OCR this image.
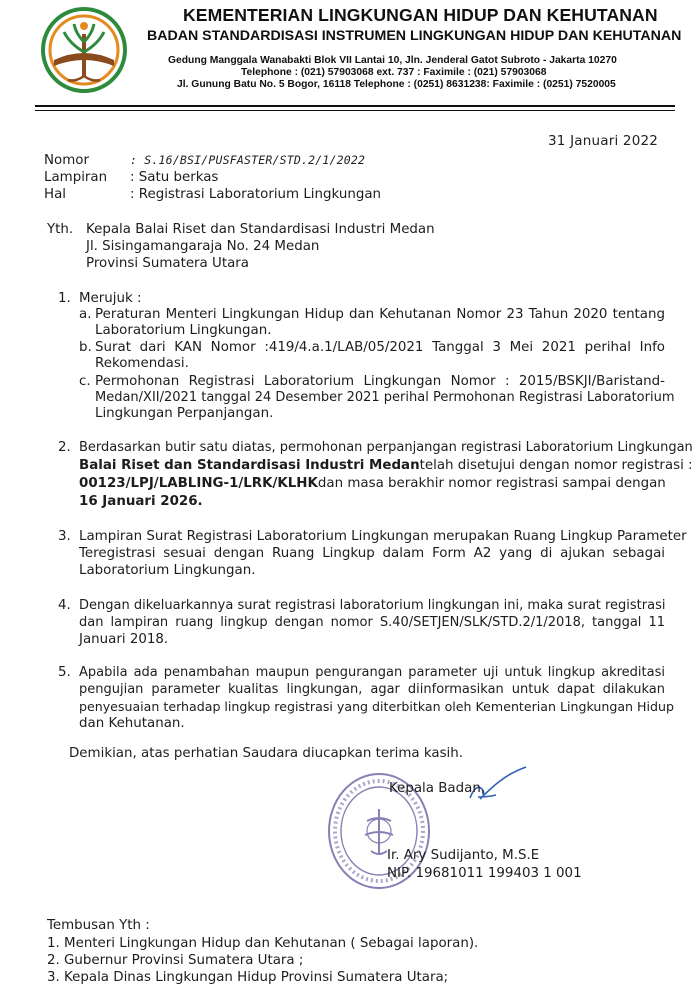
KEMENTERIAN LINGKUNGAN HIDUP DAN KEHUTANAN
BADAN STANDARDISASI INSTRUMEN LINGKUNGAN HIDUP DAN KEHUTANAN
Gedung Manggala Wanabakti Blok VII Lantai 10, Jln. Jenderal Gatot Subroto - Jakarta 10270
Telephone : (021) 57903068 ext. 737 : Faximile : (021) 57903068
Jl. Gunung Batu No. 5 Bogor, 16118 Telephone : (0251) 8631238: Faximile : (0251) 7520005
31 Januari 2022
Nomor	: S.16/BSI/PUSFASTER/STD.2/1/2022
Lampiran : Satu berkas
Hal	: Registrasi Laboratorium Lingkungan
Yth. Kepala Balai Riset dan Standardisasi Industri Medan
Jl. Sisingamangaraja No. 24 Medan
Provinsi Sumatera Utara
1. Merujuk :
a. Peraturan Menteri Lingkungan Hidup dan Kehutanan Nomor 23 Tahun 2020 tentang
Laboratorium Lingkungan.
b. Surat dari KAN Nomor :419/4.a.1/LAB/05/2021 Tanggal 3 Mei 2021 perihal Info
Rekomendasi.
c. Permohonan Registrasi Laboratorium Lingkungan Nomor : 2015/BSKJI/Baristand-
Medan/XII/2021 tanggal 24 Desember 2021 perihal Permohonan Registrasi Laboratorium
Lingkungan Perpanjangan.
2. Berdasarkan butir satu diatas, permohonan perpanjangan registrasi Laboratorium Lingkungan
Balai Riset dan Standardisasi Industri Medan telah disetujui dengan nomor registrasi :
00123/LPJ/LABLING-1/LRK/KLHK dan masa berakhir nomor registrasi sampai dengan
16 Januari 2026.
3. Lampiran Surat Registrasi Laboratorium Lingkungan merupakan Ruang Lingkup Parameter
Teregistrasi sesuai dengan Ruang Lingkup dalam Form A2 yang di ajukan sebagai
Laboratorium Lingkungan.
4. Dengan dikeluarkannya surat registrasi laboratorium lingkungan ini, maka surat registrasi
dan lampiran ruang lingkup dengan nomor S.40/SETJEN/SLK/STD.2/1/2018, tanggal 11
Januari 2018.
5. Apabila ada penambahan maupun pengurangan parameter uji untuk lingkup akreditasi
pengujian parameter kualitas lingkungan, agar diinformasikan untuk dapat dilakukan
penyesuaian terhadap lingkup registrasi yang diterbitkan oleh Kementerian Lingkungan Hidup
dan Kehutanan.
Demikian, atas perhatian Saudara diucapkan terima kasih.
Kepala Badan,
Ir. Ary Sudijanto, M.S.E
NIP. 19681011 199403 1 001
Tembusan Yth :
1. Menteri Lingkungan Hidup dan Kehutanan ( Sebagai laporan).
2. Gubernur Provinsi Sumatera Utara ;
3. Kepala Dinas Lingkungan Hidup Provinsi Sumatera Utara;
